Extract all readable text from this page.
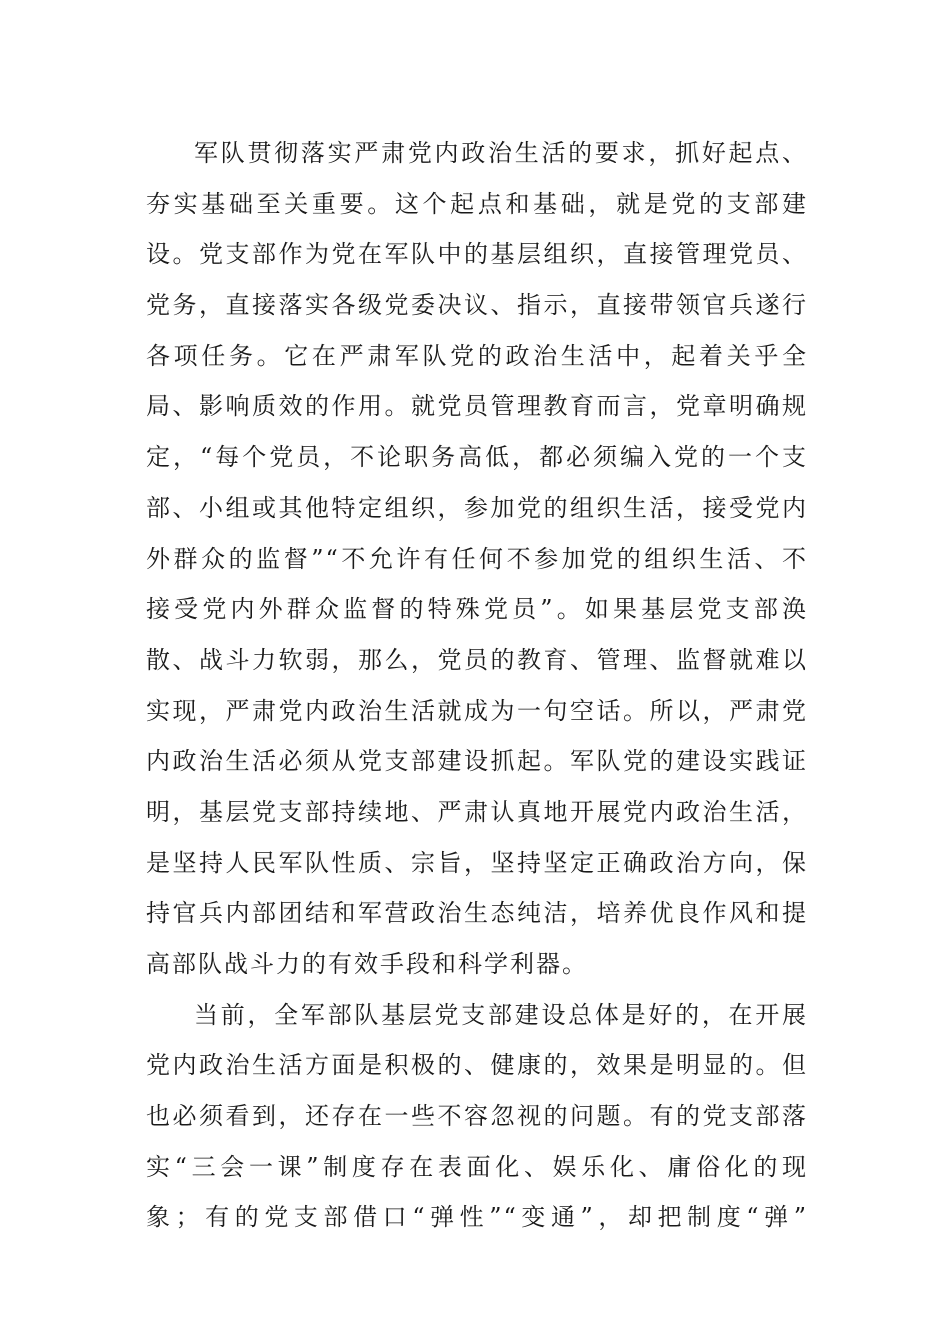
军队贯彻落实严肃党内政治生活的要求，抓好起点、
夯实基础至关重要。这个起点和基础，就是党的支部建
设。党支部作为党在军队中的基层组织，直接管理党员、
党务，直接落实各级党委决议、指示，直接带领官兵遂行
各项任务。它在严肃军队党的政治生活中，起着关乎全
局、影响质效的作用。就党员管理教育而言，党章明确规
定，“每个党员，不论职务高低，都必须编入党的一个支
部、小组或其他特定组织，参加党的组织生活，接受党内
外群众的监督”“不允许有任何不参加党的组织生活、不
接受党内外群众监督的特殊党员”。如果基层党支部涣
散、战斗力软弱，那么，党员的教育、管理、监督就难以
实现，严肃党内政治生活就成为一句空话。所以，严肃党
内政治生活必须从党支部建设抓起。军队党的建设实践证
明，基层党支部持续地、严肃认真地开展党内政治生活，
是坚持人民军队性质、宗旨，坚持坚定正确政治方向，保
持官兵内部团结和军营政治生态纯洁，培养优良作风和提
高部队战斗力的有效手段和科学利器。
当前，全军部队基层党支部建设总体是好的，在开展
党内政治生活方面是积极的、健康的，效果是明显的。但
也必须看到，还存在一些不容忽视的问题。有的党支部落
实“三会一课”制度存在表面化、娱乐化、庸俗化的现
象；有的党支部借口“弹性”“变通”，却把制度“弹”
